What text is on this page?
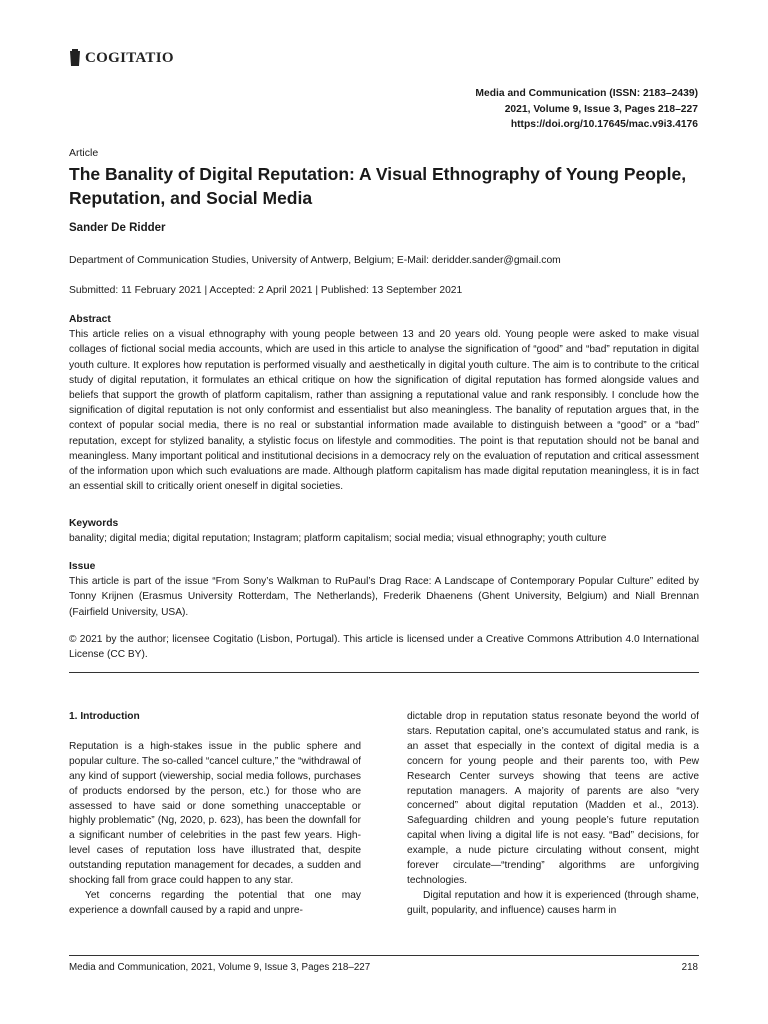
COGITATIO
Media and Communication (ISSN: 2183–2439)
2021, Volume 9, Issue 3, Pages 218–227
https://doi.org/10.17645/mac.v9i3.4176
Article
The Banality of Digital Reputation: A Visual Ethnography of Young People, Reputation, and Social Media
Sander De Ridder
Department of Communication Studies, University of Antwerp, Belgium; E-Mail: deridder.sander@gmail.com
Submitted: 11 February 2021 | Accepted: 2 April 2021 | Published: 13 September 2021
Abstract
This article relies on a visual ethnography with young people between 13 and 20 years old. Young people were asked to make visual collages of fictional social media accounts, which are used in this article to analyse the signification of “good” and “bad” reputation in digital youth culture. It explores how reputation is performed visually and aesthetically in digital youth culture. The aim is to contribute to the critical study of digital reputation, it formulates an ethical critique on how the signification of digital reputation has formed alongside values and beliefs that support the growth of platform capitalism, rather than assigning a reputational value and rank responsibly. I conclude how the signification of digital reputation is not only conformist and essentialist but also meaningless. The banality of reputation argues that, in the context of popular social media, there is no real or substantial information made available to distinguish between a “good” or a “bad” reputation, except for stylized banality, a stylistic focus on lifestyle and commodities. The point is that reputation should not be banal and meaningless. Many important political and institutional decisions in a democracy rely on the evaluation of reputation and critical assessment of the information upon which such evaluations are made. Although platform capitalism has made digital reputation meaningless, it is in fact an essential skill to critically orient oneself in digital societies.
Keywords
banality; digital media; digital reputation; Instagram; platform capitalism; social media; visual ethnography; youth culture
Issue
This article is part of the issue “From Sony’s Walkman to RuPaul’s Drag Race: A Landscape of Contemporary Popular Culture” edited by Tonny Krijnen (Erasmus University Rotterdam, The Netherlands), Frederik Dhaenens (Ghent University, Belgium) and Niall Brennan (Fairfield University, USA).
© 2021 by the author; licensee Cogitatio (Lisbon, Portugal). This article is licensed under a Creative Commons Attribution 4.0 International License (CC BY).

1. Introduction

Reputation is a high-stakes issue in the public sphere and popular culture. The so-called “cancel culture,” the “withdrawal of any kind of support (viewership, social media follows, purchases of products endorsed by the person, etc.) for those who are assessed to have said or done something unacceptable or highly problematic” (Ng, 2020, p. 623), has been the downfall for a significant number of celebrities in the past few years. High-level cases of reputation loss have illustrated that, despite outstanding reputation management for decades, a sudden and shocking fall from grace could happen to any star.

Yet concerns regarding the potential that one may experience a downfall caused by a rapid and unpre-

dictable drop in reputation status resonate beyond the world of stars. Reputation capital, one’s accumulated status and rank, is an asset that especially in the context of digital media is a concern for young people and their parents too, with Pew Research Center surveys showing that teens are active reputation managers. A majority of parents are also “very concerned” about digital reputation (Madden et al., 2013). Safeguarding children and young people’s future reputation capital when living a digital life is not easy. “Bad” decisions, for example, a nude picture circulating without consent, might forever circulate—“trending” algorithms are unforgiving technologies.

Digital reputation and how it is experienced (through shame, guilt, popularity, and influence) causes harm in

Media and Communication, 2021, Volume 9, Issue 3, Pages 218–227	218
